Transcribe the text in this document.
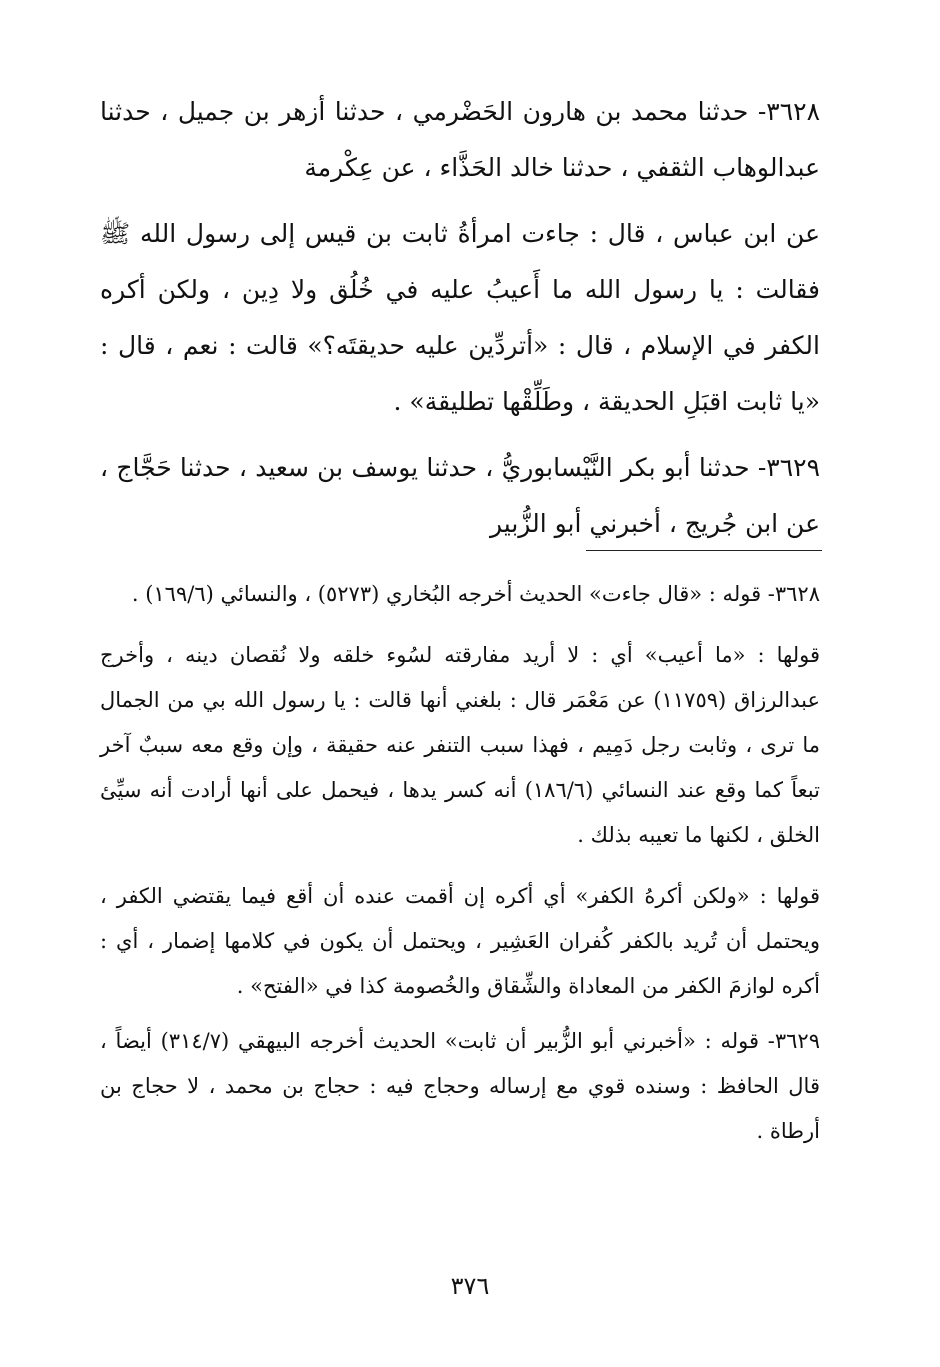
٣٦٢٨- حدثنا محمد بن هارون الحَضْرمي ، حدثنا أزهر بن جميل ، حدثنا عبدالوهاب الثقفي ، حدثنا خالد الحَذَّاء ، عن عِكْرمة

عن ابن عباس ، قال : جاءت امرأةُ ثابت بن قيس إلى رسول الله ﷺ فقالت : يا رسول الله ما أَعيبُ عليه في خُلُق ولا دِين ، ولكن أكره الكفر في الإسلام ، قال : «أتردِّين عليه حديقتَه؟» قالت : نعم ، قال : «يا ثابت اقبَلِ الحديقة ، وطَلِّقْها تطليقة» .

٣٦٢٩- حدثنا أبو بكر النَّيْسابوريُّ ، حدثنا يوسف بن سعيد ، حدثنا حَجَّاج ، عن ابن جُريج ، أخبرني أبو الزُّبير

٣٦٢٨- قوله : «قال جاءت» الحديث أخرجه البُخاري (٥٢٧٣) ، والنسائي (١٦٩/٦) .

قولها : «ما أعيب» أي : لا أريد مفارقته لسُوء خلقه ولا نُقصان دينه ، وأخرج عبدالرزاق (١١٧٥٩) عن مَعْمَر قال : بلغني أنها قالت : يا رسول الله بي من الجمال ما ترى ، وثابت رجل دَمِيم ، فهذا سبب التنفر عنه حقيقة ، وإن وقع معه سببٌ آخر تبعاً كما وقع عند النسائي (١٨٦/٦) أنه كسر يدها ، فيحمل على أنها أرادت أنه سيِّئ الخلق ، لكنها ما تعيبه بذلك .

قولها : «ولكن أكرهُ الكفر» أي أكره إن أقمت عنده أن أقع فيما يقتضي الكفر ، ويحتمل أن تُريد بالكفر كُفران العَشِير ، ويحتمل أن يكون في كلامها إضمار ، أي : أكره لوازمَ الكفر من المعاداة والشِّقاق والخُصومة كذا في «الفتح» .

٣٦٢٩- قوله : «أخبرني أبو الزُّبير أن ثابت» الحديث أخرجه البيهقي (٣١٤/٧) أيضاً ، قال الحافظ : وسنده قوي مع إرساله وحجاج فيه : حجاج بن محمد ، لا حجاج بن أرطاة .

٣٧٦
